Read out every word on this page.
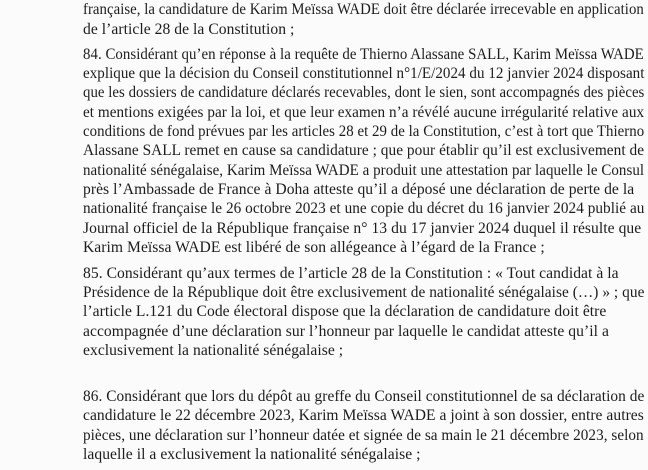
française, la candidature de Karim Meïssa WADE doit être déclarée irrecevable en application
de l’article 28 de la Constitution ;
84. Considérant qu’en réponse à la requête de Thierno Alassane SALL, Karim Meïssa WADE
explique que la décision du Conseil constitutionnel n°1/E/2024 du 12 janvier 2024 disposant
que les dossiers de candidature déclarés recevables, dont le sien, sont accompagnés des pièces
et mentions exigées par la loi, et que leur examen n’a révélé aucune irrégularité relative aux
conditions de fond prévues par les articles 28 et 29 de la Constitution, c’est à tort que Thierno
Alassane SALL remet en cause sa candidature ; que pour établir qu’il est exclusivement de
nationalité sénégalaise, Karim Meïssa WADE a produit une attestation par laquelle le Consul
près l’Ambassade de France à Doha atteste qu’il a déposé une déclaration de perte de la
nationalité française le 26 octobre 2023 et une copie du décret du 16 janvier 2024 publié au
Journal officiel de la République française n° 13 du 17 janvier 2024 duquel il résulte que
Karim Meïssa WADE est libéré de son allégeance à l’égard de la France ;
85. Considérant qu’aux termes de l’article 28 de la Constitution : « Tout candidat à la
Présidence de la République doit être exclusivement de nationalité sénégalaise (…) » ; que
l’article L.121 du Code électoral dispose que la déclaration de candidature doit être
accompagnée d’une déclaration sur l’honneur par laquelle le candidat atteste qu’il a
exclusivement la nationalité sénégalaise ;
86. Considérant que lors du dépôt au greffe du Conseil constitutionnel de sa déclaration de
candidature le 22 décembre 2023, Karim Meïssa WADE a joint à son dossier, entre autres
pièces, une déclaration sur l’honneur datée et signée de sa main le 21 décembre 2023, selon
laquelle il a exclusivement la nationalité sénégalaise ;
